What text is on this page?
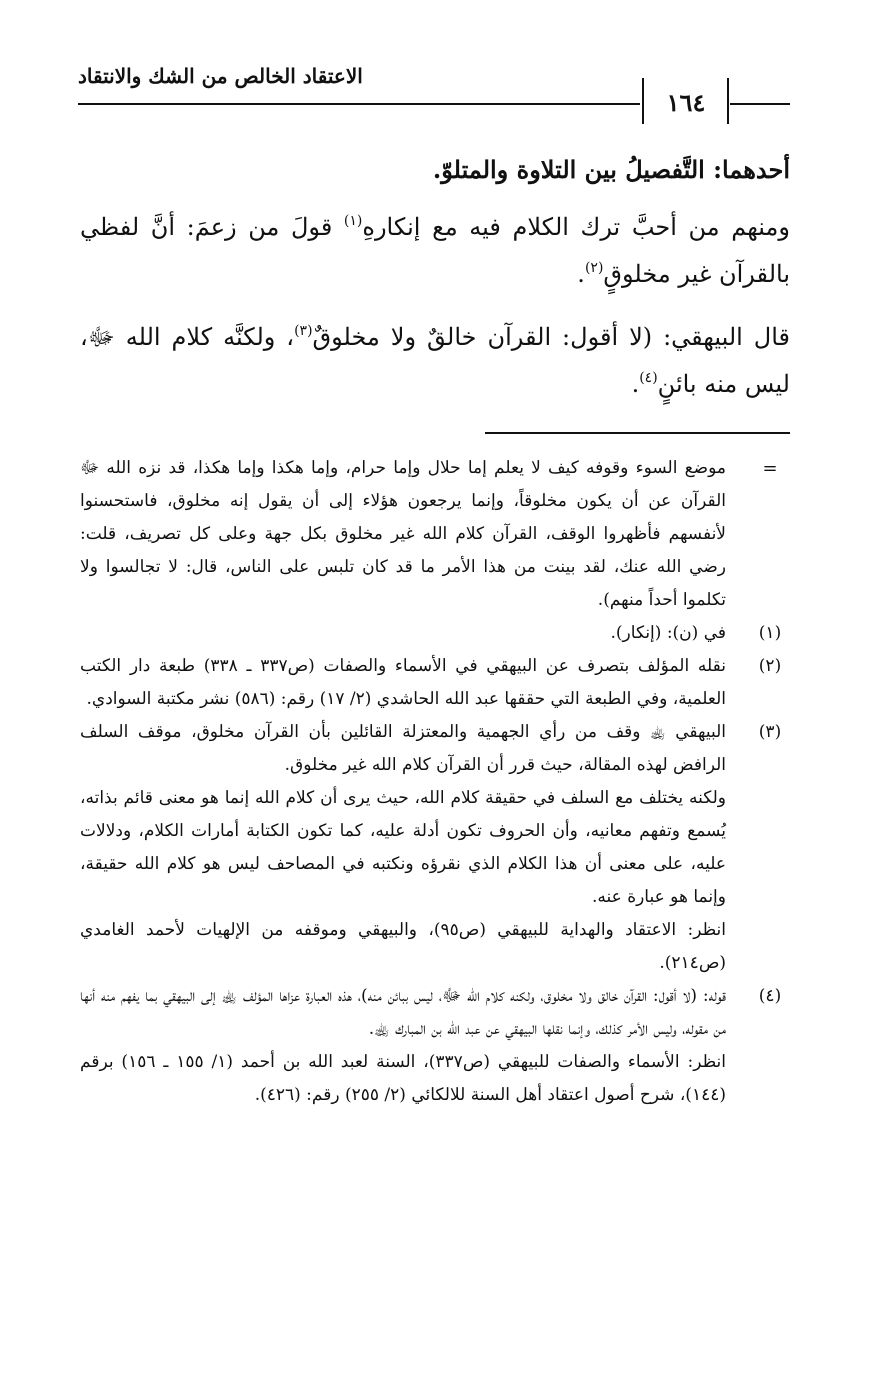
الاعتقاد الخالص من الشك والانتقاد
١٦٤

أحدهما: التَّفصيلُ بين التلاوة والمتلوّ.

ومنهم من أحبَّ ترك الكلام فيه مع إنكارهِ$^{(١)}$ قولَ من زعمَ: أنَّ لفظي بالقرآن غير مخلوقٍ$^{(٢)}$.

قال البيهقي: (لا أقول: القرآن خالقٌ ولا مخلوقٌ$^{(٣)}$، ولكنَّه كلام الله ﷻ، ليس منه بائنٍ$^{(٤)}$.

=

موضع السوء وقوفه كيف لا يعلم إما حلال وإما حرام، وإما هكذا وإما هكذا، قد نزه الله ﷻ القرآن عن أن يكون مخلوقاً، وإنما يرجعون هؤلاء إلى أن يقول إنه مخلوق، فاستحسنوا لأنفسهم فأظهروا الوقف، القرآن كلام الله غير مخلوق بكل جهة وعلى كل تصريف، قلت: رضي الله عنك، لقد بينت من هذا الأمر ما قد كان تلبس على الناس، قال: لا تجالسوا ولا تكلموا أحداً منهم).

(١)

في (ن): (إنكار).

(٢)

نقله المؤلف بتصرف عن البيهقي في الأسماء والصفات (ص٣٣٧ ـ ٣٣٨) طبعة دار الكتب العلمية، وفي الطبعة التي حققها عبد الله الحاشدي (٢/ ١٧) رقم: (٥٨٦) نشر مكتبة السوادي.

(٣)

البيهقي ﵀ وقف من رأي الجهمية والمعتزلة القائلين بأن القرآن مخلوق، موقف السلف الرافض لهذه المقالة، حيث قرر أن القرآن كلام الله غير مخلوق.

ولكنه يختلف مع السلف في حقيقة كلام الله، حيث يرى أن كلام الله إنما هو معنى قائم بذاته، يُسمع وتفهم معانيه، وأن الحروف تكون أدلة عليه، كما تكون الكتابة أمارات الكلام، ودلالات عليه، على معنى أن هذا الكلام الذي نقرؤه ونكتبه في المصاحف ليس هو كلام الله حقيقة، وإنما هو عبارة عنه.

انظر: الاعتقاد والهداية للبيهقي (ص٩٥)، والبيهقي وموقفه من الإلهيات لأحمد الغامدي (ص٢١٤).

(٤)

قوله: (لا أقول: القرآن خالق ولا مخلوق، ولكنه كلام الله ﷻ، ليس ببائن منه)، هذه العبارة عزاها المؤلف ﵀ إلى البيهقي بما يفهم منه أنها من مقوله، وليس الأمر كذلك، وإنما نقلها البيهقي عن عبد الله بن المبارك ﵀.

انظر: الأسماء والصفات للبيهقي (ص٣٣٧)، السنة لعبد الله بن أحمد (١/ ١٥٥ ـ ١٥٦) برقم (١٤٤)، شرح أصول اعتقاد أهل السنة للالكائي (٢/ ٢٥٥) رقم: (٤٢٦).
